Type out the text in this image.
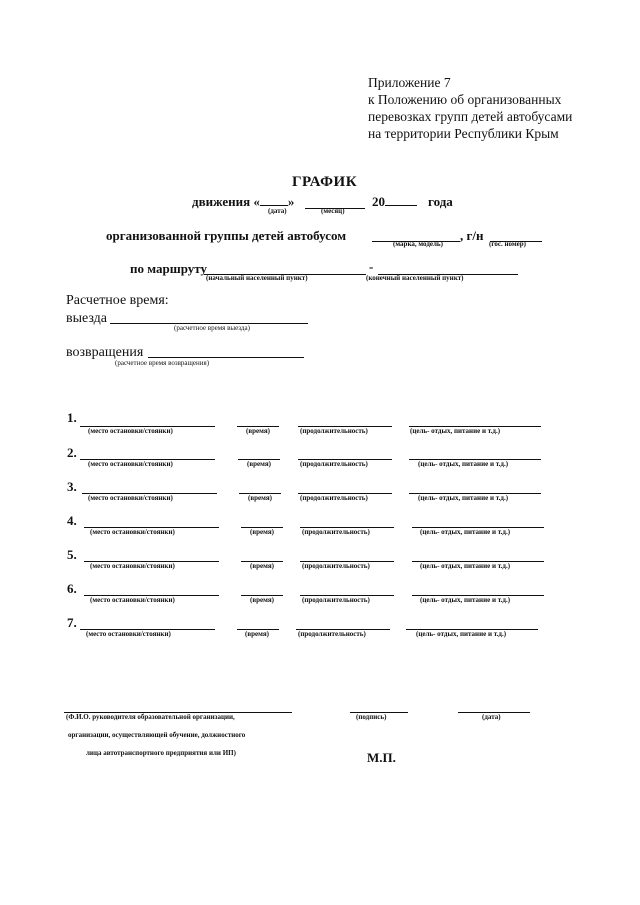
Приложение 7
к Положению об организованных
перевозках групп детей автобусами
на территории Республики Крым
ГРАФИК
движения « »	20	года
(дата)	(месяц)
организованной группы детей автобусом	, г/н
(марка, модель)	(гос. номер)
по маршруту	-
(начальный населенный пункт)	(конечный населенный пункт)
Расчетное время:
выезда
(расчетное время выезда)
возвращения
(расчетное время возвращения)
1.
(место остановки/стоянки)	(время)	(продолжительность)	(цель- отдых, питание и т.д.)
2.
(место остановки/стоянки)	(время)	(продолжительность)	(цель- отдых, питание и т.д.)
3.
(место остановки/стоянки)	(время)	(продолжительность)	(цель- отдых, питание и т.д.)
4.
(место остановки/стоянки)	(время)	(продолжительность)	(цель- отдых, питание и т.д.)
5.
(место остановки/стоянки)	(время)	(продолжительность)	(цель- отдых, питание и т.д.)
6.
(место остановки/стоянки)	(время)	(продолжительность)	(цель- отдых, питание и т.д.)
7.
(место остановки/стоянки)	(время)	(продолжительность)	(цель- отдых, питание и т.д.)
(Ф.И.О. руководителя образовательной организации,
организации, осуществляющей обучение, должностного
лица автотранспортного предприятия или ИП)
(подпись)	(дата)
М.П.
